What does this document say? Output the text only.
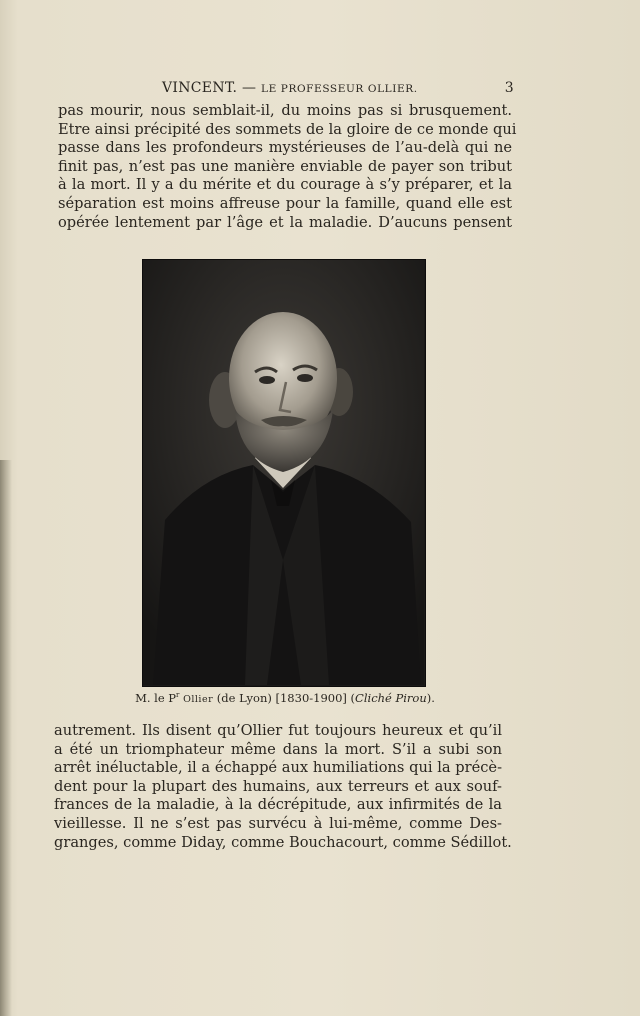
VINCENT. — LE PROFESSEUR OLLIER.	3

pas mourir, nous semblait-il, du moins pas si brusquement.
Etre ainsi précipité des sommets de la gloire de ce monde qui
passe dans les profondeurs mystérieuses de l’au-delà qui ne
finit pas, n’est pas une manière enviable de payer son tribut
à la mort. Il y a du mérite et du courage à s’y préparer, et la
séparation est moins affreuse pour la famille, quand elle est
opérée lentement par l’âge et la maladie. D’aucuns pensent

M. le $P^r$ Ollier (de Lyon) [1830-1900] (Cliché Pirou).

autrement. Ils disent qu’Ollier fut toujours heureux et qu’il
a été un triomphateur même dans la mort. S’il a subi son
arrêt inéluctable, il a échappé aux humiliations qui la précè-
dent pour la plupart des humains, aux terreurs et aux souf-
frances de la maladie, à la décrépitude, aux infirmités de la
vieillesse. Il ne s’est pas survécu à lui-même, comme Des-
granges, comme Diday, comme Bouchacourt, comme Sédillot.
